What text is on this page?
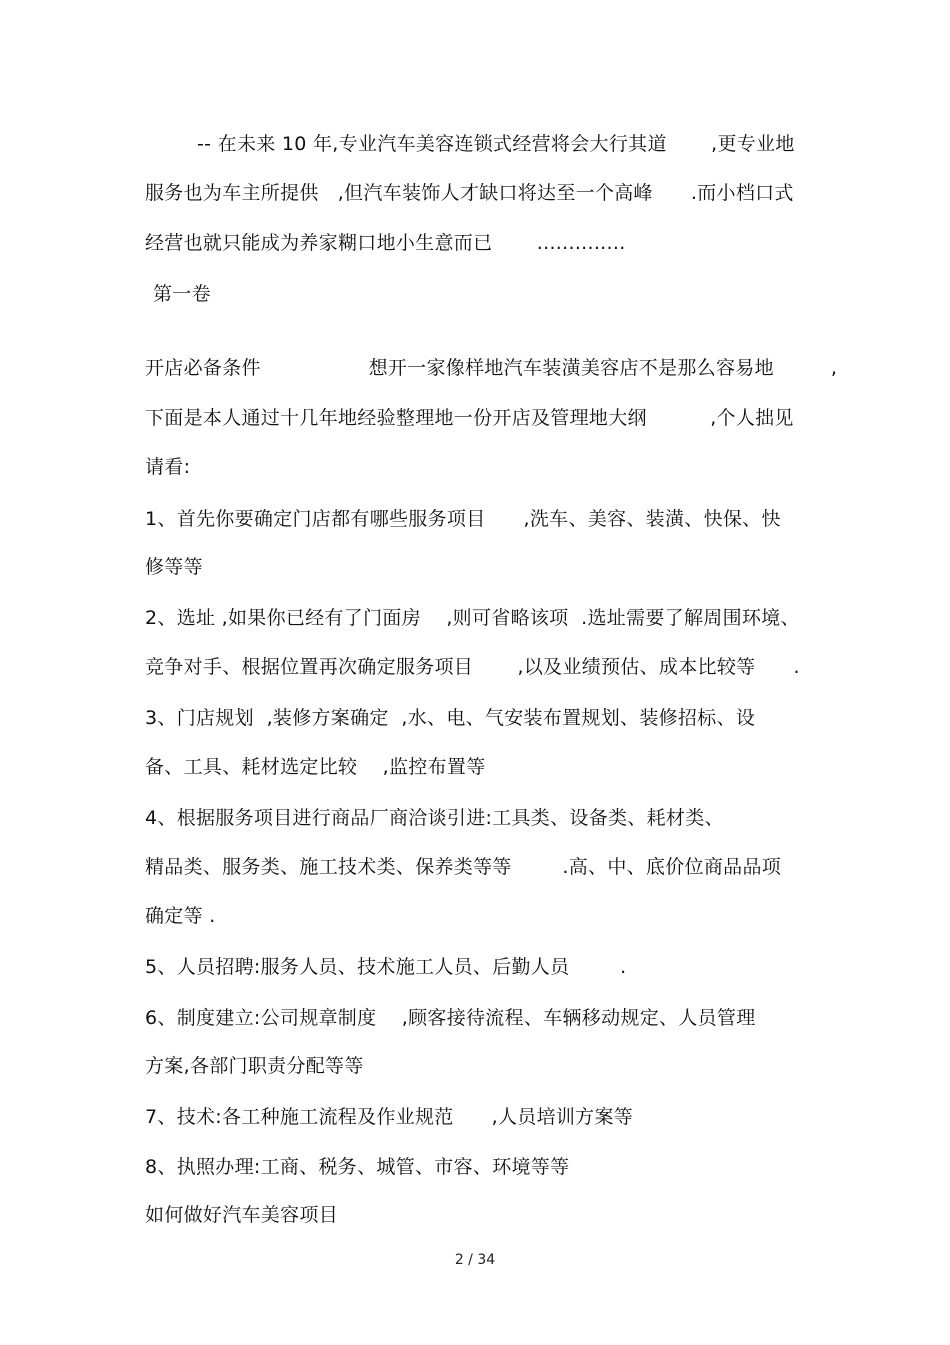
-- 在未来 10 年,专业汽车美容连锁式经营将会大行其道       ,更专业地
服务也为车主所提供   ,但汽车装饰人才缺口将达至一个高峰      .而小档口式
经营也就只能成为养家糊口地小生意而已       ..............
第一卷
开店必备条件                 想开一家像样地汽车装潢美容店不是那么容易地         ,
下面是本人通过十几年地经验整理地一份开店及管理地大纲          ,个人拙见
请看:
1、首先你要确定门店都有哪些服务项目      ,洗车、美容、装潢、快保、快
修等等
2、选址 ,如果你已经有了门面房    ,则可省略该项  .选址需要了解周围环境、
竞争对手、根据位置再次确定服务项目       ,以及业绩预估、成本比较等      .
3、门店规划  ,装修方案确定  ,水、电、气安装布置规划、装修招标、设
备、工具、耗材选定比较    ,监控布置等
4、根据服务项目进行商品厂商洽谈引进:工具类、设备类、耗材类、
精品类、服务类、施工技术类、保养类等等        .高、中、底价位商品品项
确定等 .
5、人员招聘:服务人员、技术施工人员、后勤人员        .
6、制度建立:公司规章制度    ,顾客接待流程、车辆移动规定、人员管理
方案,各部门职责分配等等
7、技术:各工种施工流程及作业规范      ,人员培训方案等
8、执照办理:工商、税务、城管、市容、环境等等
如何做好汽车美容项目
2 / 34
